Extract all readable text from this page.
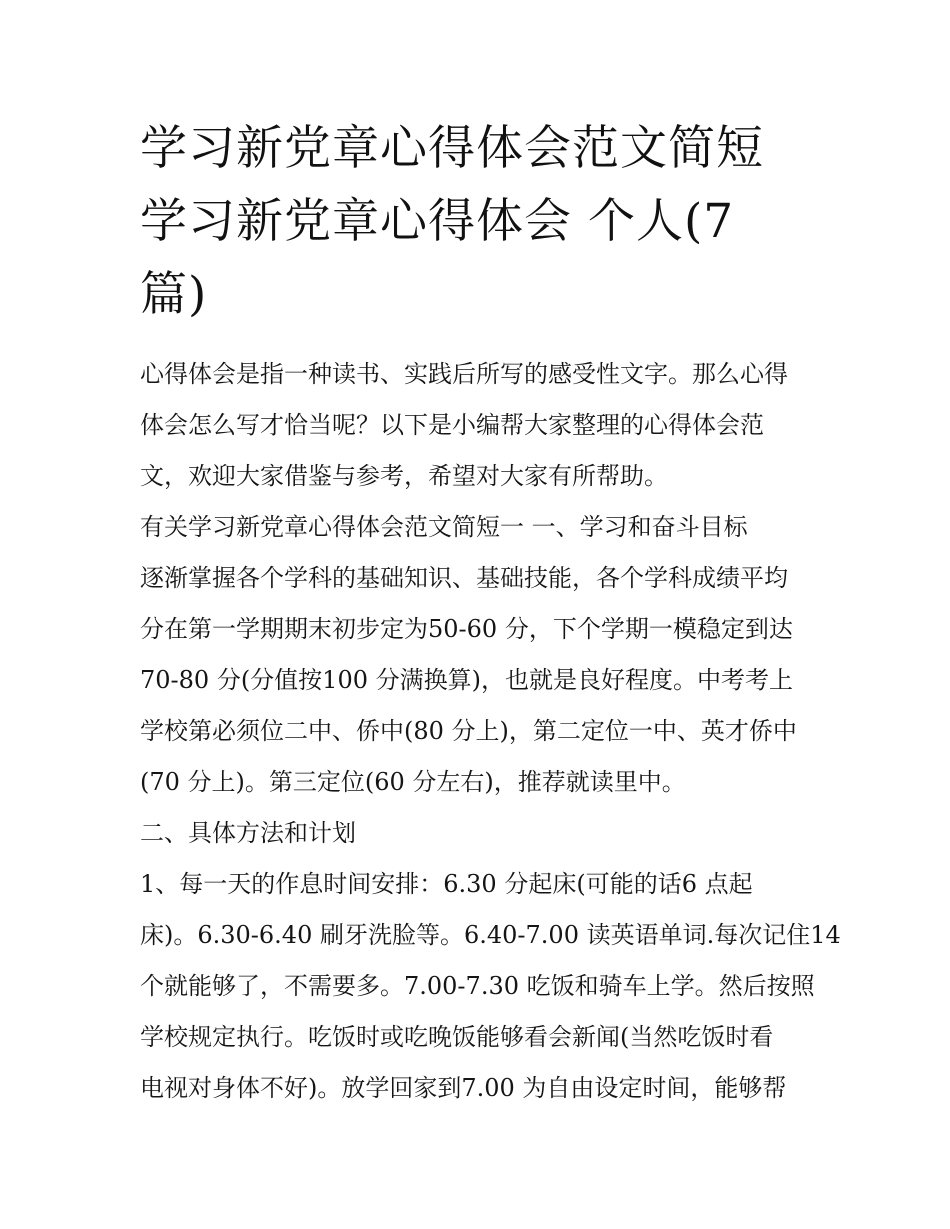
学习新党章心得体会范文简短
学习新党章心得体会 个人(7
篇)
心得体会是指一种读书、实践后所写的感受性文字。那么心得
体会怎么写才恰当呢？以下是小编帮大家整理的心得体会范
文，欢迎大家借鉴与参考，希望对大家有所帮助。
有关学习新党章心得体会范文简短一 一、学习和奋斗目标
逐渐掌握各个学科的基础知识、基础技能，各个学科成绩平均
分在第一学期期末初步定为50-60 分，下个学期一模稳定到达
70-80 分(分值按100 分满换算)，也就是良好程度。中考考上
学校第必须位二中、侨中(80 分上)，第二定位一中、英才侨中
(70 分上)。第三定位(60 分左右)，推荐就读里中。
二、具体方法和计划
1、每一天的作息时间安排：6.30 分起床(可能的话6 点起
床)。6.30-6.40 刷牙洗脸等。6.40-7.00 读英语单词.每次记住14
个就能够了，不需要多。7.00-7.30 吃饭和骑车上学。然后按照
学校规定执行。吃饭时或吃晚饭能够看会新闻(当然吃饭时看
电视对身体不好)。放学回家到7.00 为自由设定时间，能够帮
